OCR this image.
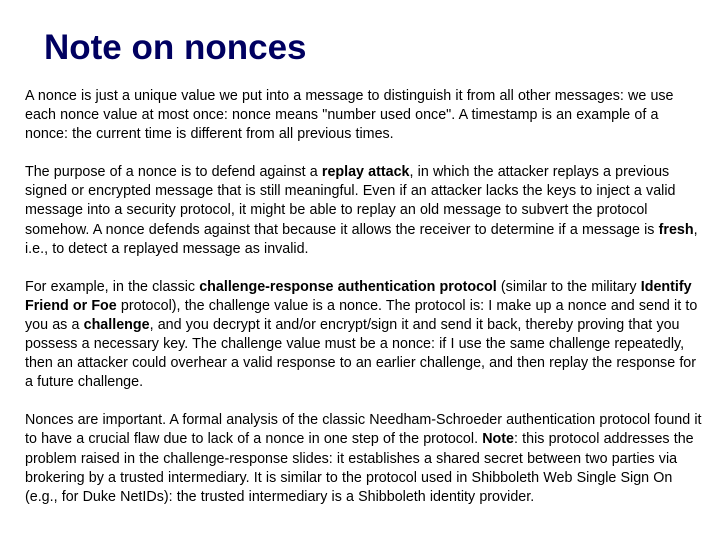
Note on nonces

A nonce is just a unique value we put into a message to distinguish it from all other messages: we use each nonce value at most once: nonce means "number used once". A timestamp is an example of a nonce: the current time is different from all previous times.

The purpose of a nonce is to defend against a replay attack, in which the attacker replays a previous signed or encrypted message that is still meaningful. Even if an attacker lacks the keys to inject a valid message into a security protocol, it might be able to replay an old message to subvert the protocol somehow. A nonce defends against that because it allows the receiver to determine if a message is fresh, i.e., to detect a replayed message as invalid.

For example, in the classic challenge-response authentication protocol (similar to the military Identify Friend or Foe protocol), the challenge value is a nonce. The protocol is: I make up a nonce and send it to you as a challenge, and you decrypt it and/or encrypt/sign it and send it back, thereby proving that you possess a necessary key. The challenge value must be a nonce: if I use the same challenge repeatedly, then an attacker could overhear a valid response to an earlier challenge, and then replay the response for a future challenge.

Nonces are important. A formal analysis of the classic Needham-Schroeder authentication protocol found it to have a crucial flaw due to lack of a nonce in one step of the protocol. Note: this protocol addresses the problem raised in the challenge-response slides: it establishes a shared secret between two parties via brokering by a trusted intermediary. It is similar to the protocol used in Shibboleth Web Single Sign On (e.g., for Duke NetIDs): the trusted intermediary is a Shibboleth identity provider.
